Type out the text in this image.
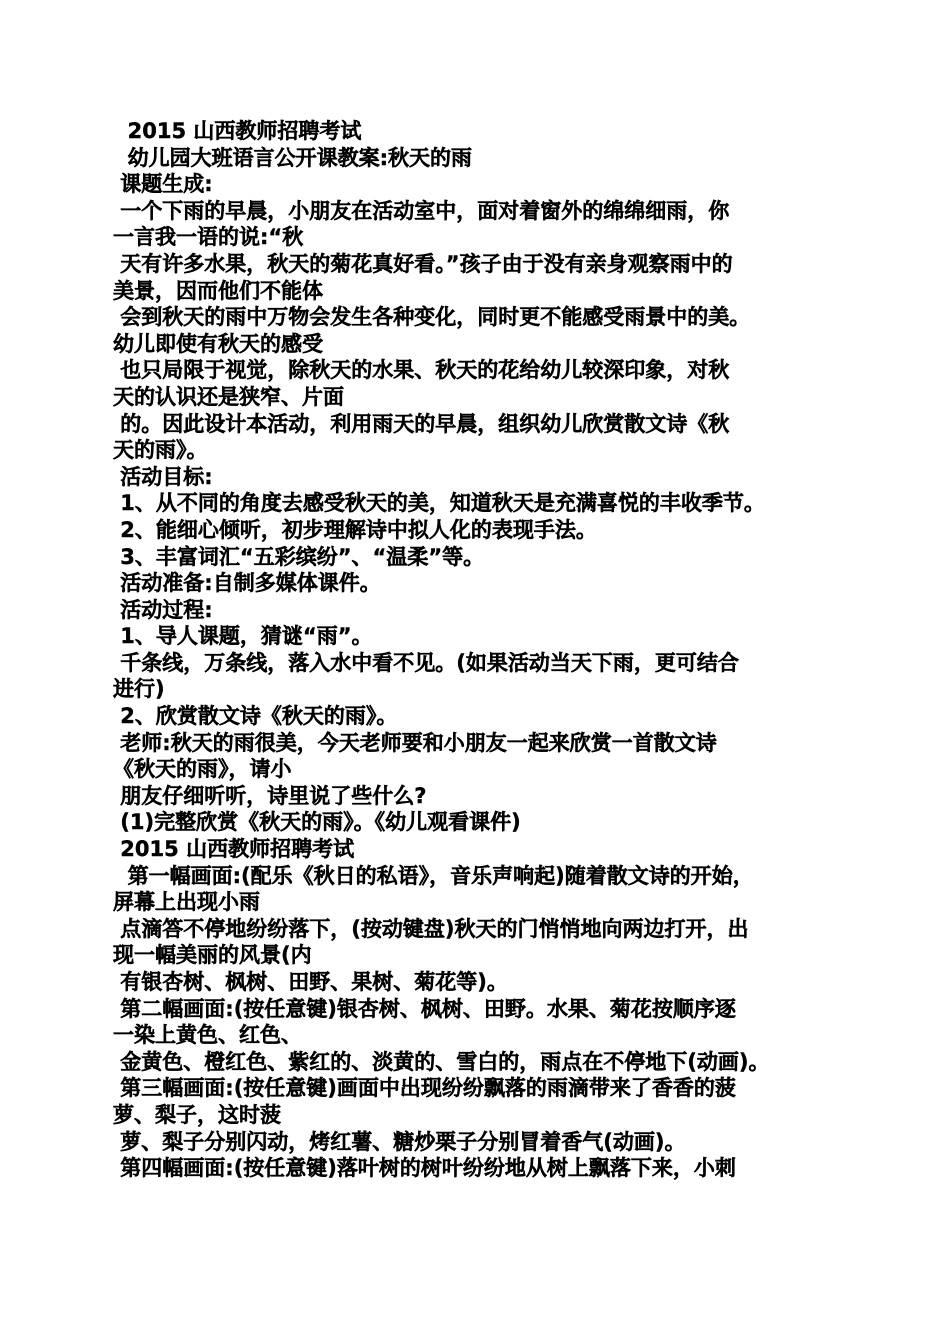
2015 山西教师招聘考试
幼儿园大班语言公开课教案:秋天的雨
课题生成:
一个下雨的早晨，小朋友在活动室中，面对着窗外的绵绵细雨，你
一言我一语的说:“秋
天有许多水果，秋天的菊花真好看。”孩子由于没有亲身观察雨中的
美景，因而他们不能体
会到秋天的雨中万物会发生各种变化，同时更不能感受雨景中的美。
幼儿即使有秋天的感受
也只局限于视觉，除秋天的水果、秋天的花给幼儿较深印象，对秋
天的认识还是狭窄、片面
的。因此设计本活动，利用雨天的早晨，组织幼儿欣赏散文诗《秋
天的雨》。
活动目标:
1、从不同的角度去感受秋天的美，知道秋天是充满喜悦的丰收季节。
2、能细心倾听，初步理解诗中拟人化的表现手法。
3、丰富词汇“五彩缤纷”、“温柔”等。
活动准备:自制多媒体课件。
活动过程:
1、导人课题，猜谜“雨”。
千条线，万条线，落入水中看不见。(如果活动当天下雨，更可结合
进行)
2、欣赏散文诗《秋天的雨》。
老师:秋天的雨很美，今天老师要和小朋友一起来欣赏一首散文诗
《秋天的雨》，请小
朋友仔细听听，诗里说了些什么?
(1)完整欣赏《秋天的雨》。《幼儿观看课件)
2015 山西教师招聘考试
第一幅画面:(配乐《秋日的私语》，音乐声响起)随着散文诗的开始，
屏幕上出现小雨
点滴答不停地纷纷落下，(按动键盘)秋天的门悄悄地向两边打开，出
现一幅美丽的风景(内
有银杏树、枫树、田野、果树、菊花等)。
第二幅画面:(按任意键)银杏树、枫树、田野。水果、菊花按顺序逐
一染上黄色、红色、
金黄色、橙红色、紫红的、淡黄的、雪白的，雨点在不停地下(动画)。
第三幅画面:(按任意键)画面中出现纷纷飘落的雨滴带来了香香的菠
萝、梨子，这时菠
萝、梨子分别闪动，烤红薯、糖炒栗子分别冒着香气(动画)。
第四幅画面:(按任意键)落叶树的树叶纷纷地从树上飘落下来，小刺
